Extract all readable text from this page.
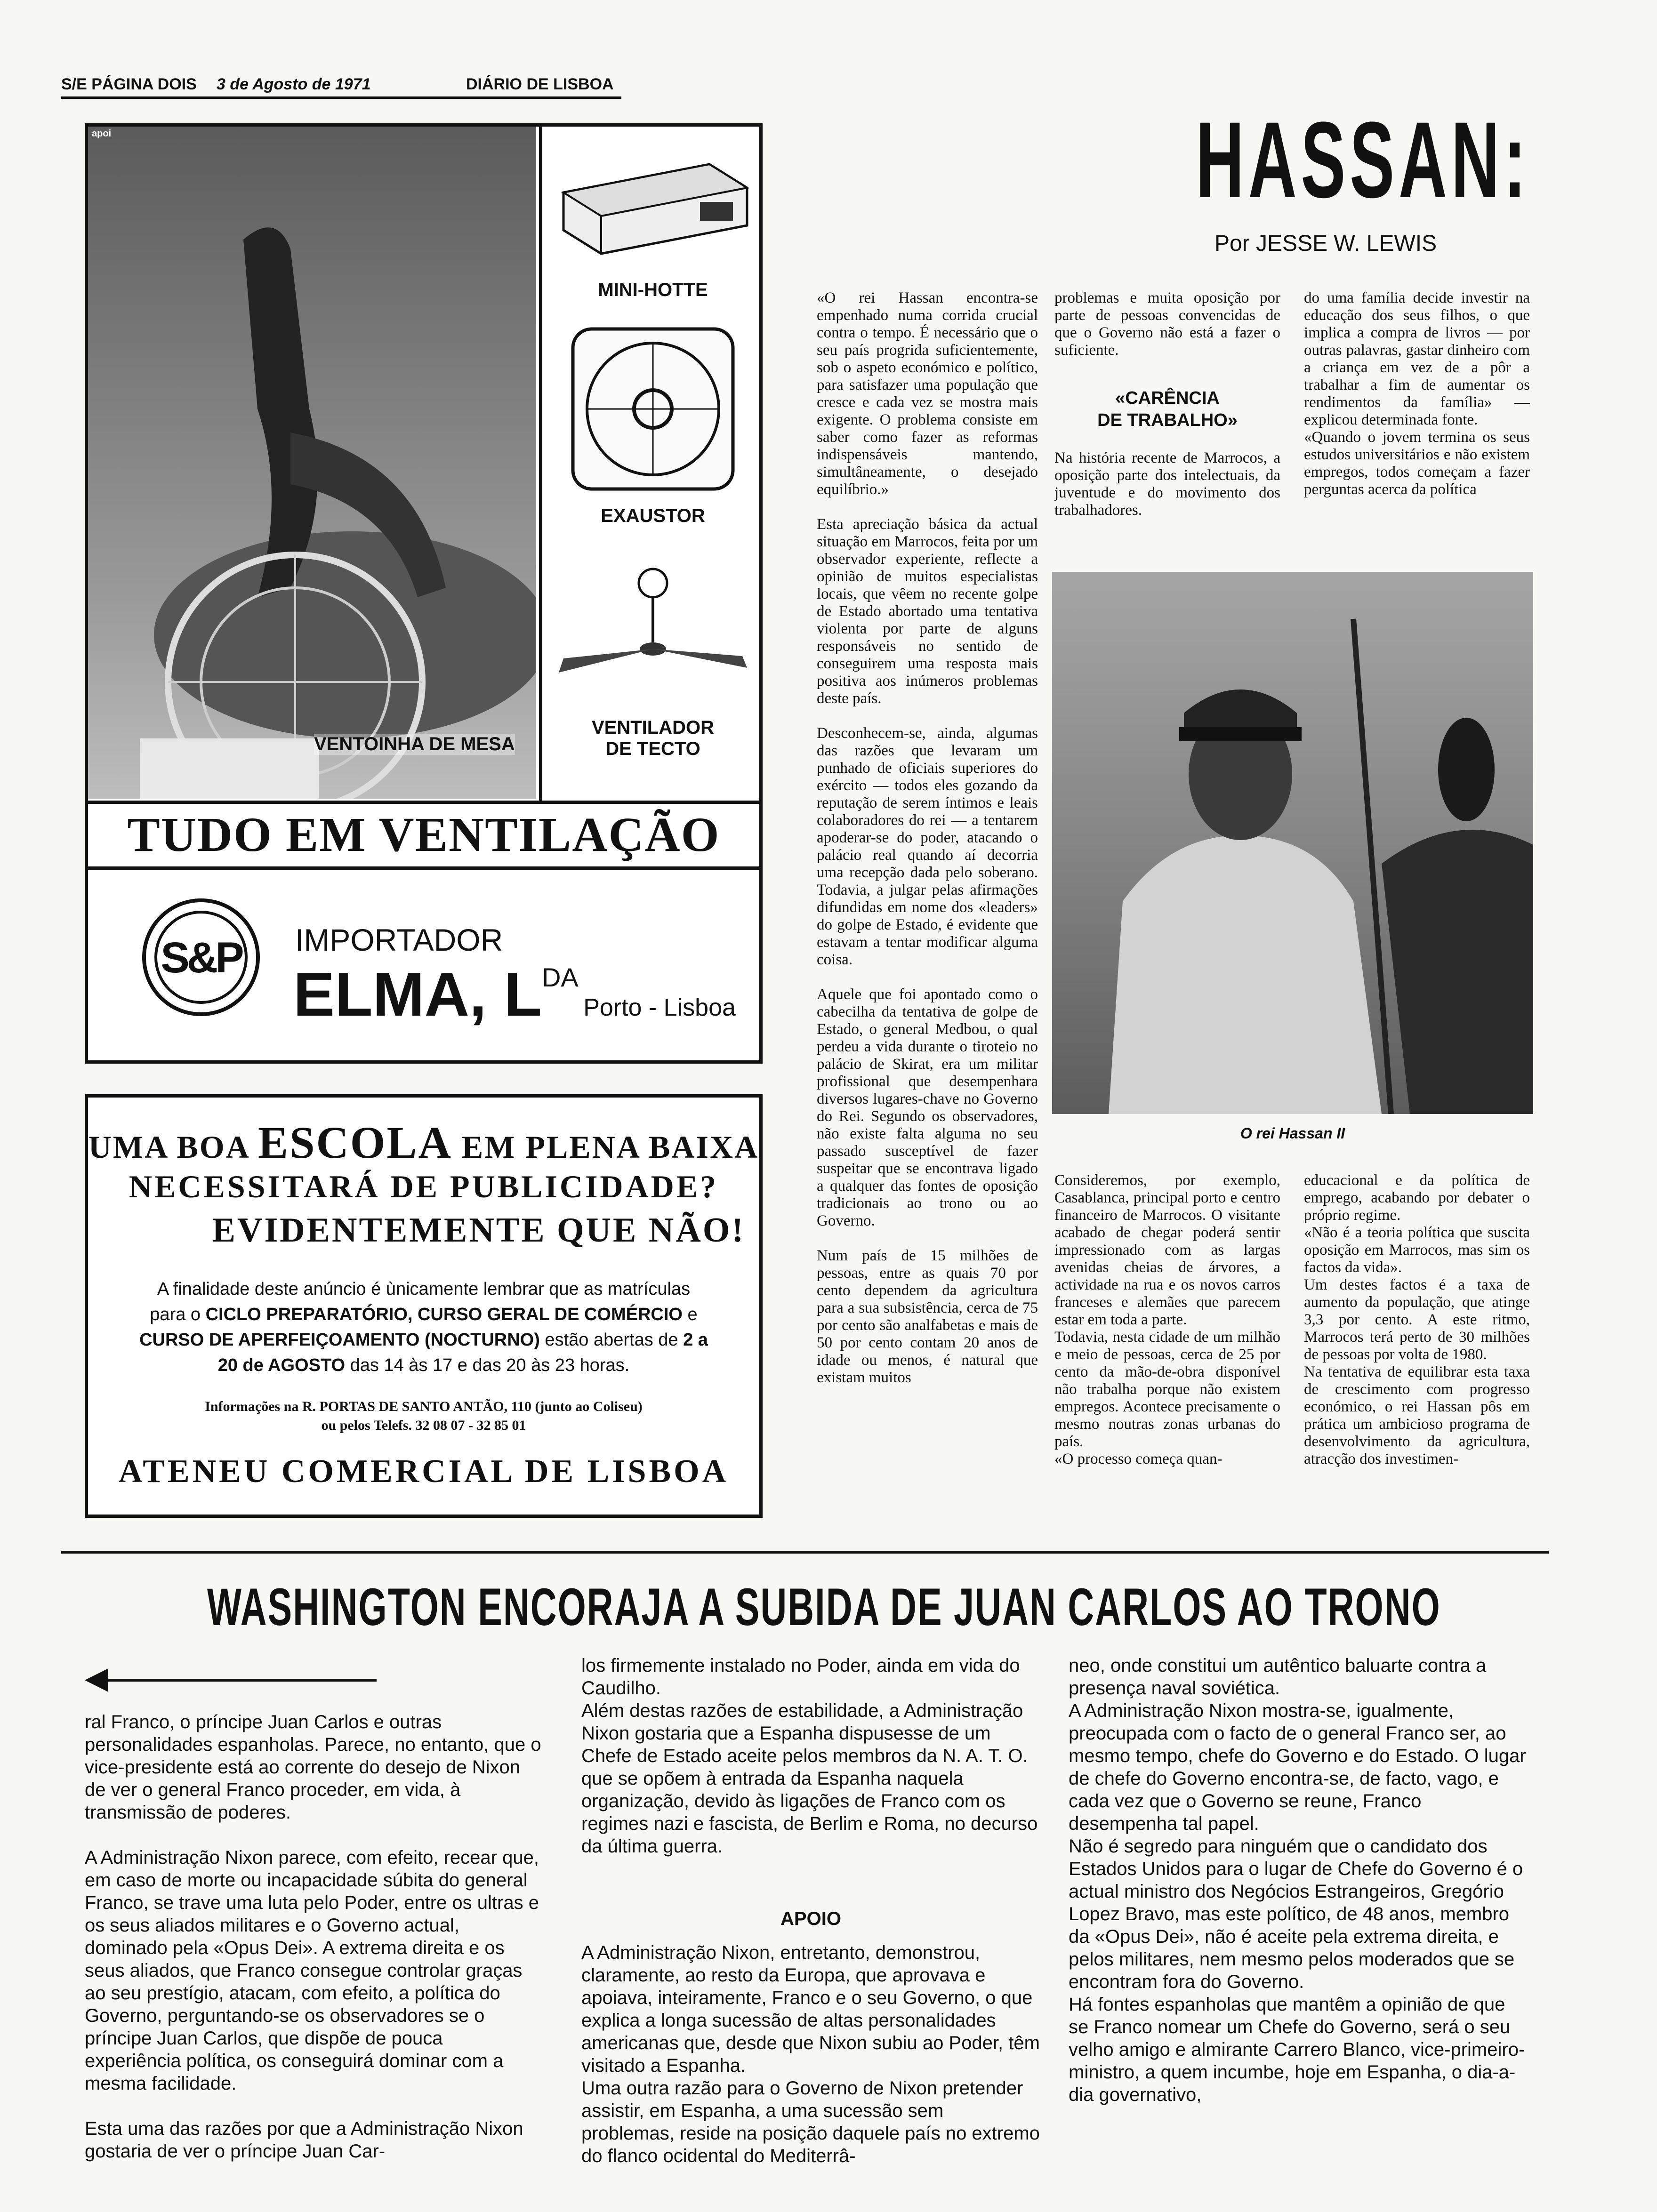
S/E PÁGINA DOIS 3 de Agosto de 1971	DIÁRIO DE LISBOA
apoi
VENTOINHA DE MESA
MINI-HOTTE
EXAUSTOR
VENTILADOR
DE TECTO
TUDO EM VENTILAÇÃO
S&P	IMPORTADOR
ELMA, LDA Porto - Lisboa
UMA BOA ESCOLA EM PLENA BAIXA
NECESSITARÁ DE PUBLICIDADE?
EVIDENTEMENTE QUE NÃO!
A finalidade deste anúncio é ùnicamente lembrar que as matrículas
para o CICLO PREPARATÓRIO, CURSO GERAL DE COMÉRCIO e
CURSO DE APERFEIÇOAMENTO (NOCTURNO) estão abertas de 2 a
20 de AGOSTO das 14 às 17 e das 20 às 23 horas.
Informações na R. PORTAS DE SANTO ANTÃO, 110 (junto ao Coliseu)
ou pelos Telefs. 32 08 07 - 32 85 01
ATENEU COMERCIAL DE LISBOA
HASSAN:
Por JESSE W. LEWIS
«O rei Hassan encontra-se empenhado numa corrida crucial contra o tempo. É necessário que o seu país progrida suficientemente, sob o aspeto económico e político, para satisfazer uma população que cresce e cada vez se mostra mais exigente. O problema consiste em saber como fazer as reformas indispensáveis mantendo, simultâneamente, o desejado equilíbrio.»

Esta apreciação básica da actual situação em Marrocos, feita por um observador experiente, reflecte a opinião de muitos especialistas locais, que vêem no recente golpe de Estado abortado uma tentativa violenta por parte de alguns responsáveis no sentido de conseguirem uma resposta mais positiva aos inúmeros problemas deste país.

Desconhecem-se, ainda, algumas das razões que levaram um punhado de oficiais superiores do exército — todos eles gozando da reputação de serem íntimos e leais colaboradores do rei — a tentarem apoderar-se do poder, atacando o palácio real quando aí decorria uma recepção dada pelo soberano. Todavia, a julgar pelas afirmações difundidas em nome dos «leaders» do golpe de Estado, é evidente que estavam a tentar modificar alguma coisa.

Aquele que foi apontado como o cabecilha da tentativa de golpe de Estado, o general Medbou, o qual perdeu a vida durante o tiroteio no palácio de Skirat, era um militar profissional que desempenhara diversos lugares-chave no Governo do Rei. Segundo os observadores, não existe falta alguma no seu passado susceptível de fazer suspeitar que se encontrava ligado a qualquer das fontes de oposição tradicionais ao trono ou ao Governo.

Num país de 15 milhões de pessoas, entre as quais 70 por cento dependem da agricultura para a sua subsistência, cerca de 75 por cento são analfabetas e mais de 50 por cento contam 20 anos de idade ou menos, é natural que existam muitos
problemas e muita oposição por parte de pessoas convencidas de que o Governo não está a fazer o suficiente.
«CARÊNCIA
DE TRABALHO»
Na história recente de Marrocos, a oposição parte dos intelectuais, da juventude e do movimento dos trabalhadores.
do uma família decide investir na educação dos seus filhos, o que implica a compra de livros — por outras palavras, gastar dinheiro com a criança em vez de a pôr a trabalhar a fim de aumentar os rendimentos da família» — explicou determinada fonte.
«Quando o jovem termina os seus estudos universitários e não existem empregos, todos começam a fazer perguntas acerca da política
O rei Hassan II
Consideremos, por exemplo, Casablanca, principal porto e centro financeiro de Marrocos. O visitante acabado de chegar poderá sentir impressionado com as largas avenidas cheias de árvores, a actividade na rua e os novos carros franceses e alemães que parecem estar em toda a parte.
Todavia, nesta cidade de um milhão e meio de pessoas, cerca de 25 por cento da mão-de-obra disponível não trabalha porque não existem empregos. Acontece precisamente o mesmo noutras zonas urbanas do país.
«O processo começa quan-
educacional e da política de emprego, acabando por debater o próprio regime.
«Não é a teoria política que suscita oposição em Marrocos, mas sim os factos da vida».
Um destes factos é a taxa de aumento da população, que atinge 3,3 por cento. A este ritmo, Marrocos terá perto de 30 milhões de pessoas por volta de 1980.
Na tentativa de equilibrar esta taxa de crescimento com progresso económico, o rei Hassan pôs em prática um ambicioso programa de desenvolvimento da agricultura, atracção dos investimen-
WASHINGTON ENCORAJA A SUBIDA DE JUAN CARLOS AO TRONO
ral Franco, o príncipe Juan Carlos e outras personalidades espanholas. Parece, no entanto, que o vice-presidente está ao corrente do desejo de Nixon de ver o general Franco proceder, em vida, à transmissão de poderes.

A Administração Nixon parece, com efeito, recear que, em caso de morte ou incapacidade súbita do general Franco, se trave uma luta pelo Poder, entre os ultras e os seus aliados militares e o Governo actual, dominado pela «Opus Dei». A extrema direita e os seus aliados, que Franco consegue controlar graças ao seu prestígio, atacam, com efeito, a política do Governo, perguntando-se os observadores se o príncipe Juan Carlos, que dispõe de pouca experiência política, os conseguirá dominar com a mesma facilidade.

Esta uma das razões por que a Administração Nixon gostaria de ver o príncipe Juan Car-
los firmemente instalado no Poder, ainda em vida do Caudilho.
Além destas razões de estabilidade, a Administração Nixon gostaria que a Espanha dispusesse de um Chefe de Estado aceite pelos membros da N. A. T. O. que se opõem à entrada da Espanha naquela organização, devido às ligações de Franco com os regimes nazi e fascista, de Berlim e Roma, no decurso da última guerra.
APOIO
A Administração Nixon, entretanto, demonstrou, claramente, ao resto da Europa, que aprovava e apoiava, inteiramente, Franco e o seu Governo, o que explica a longa sucessão de altas personalidades americanas que, desde que Nixon subiu ao Poder, têm visitado a Espanha.
Uma outra razão para o Governo de Nixon pretender assistir, em Espanha, a uma sucessão sem problemas, reside na posição daquele país no extremo do flanco ocidental do Mediterrâ-
neo, onde constitui um autêntico baluarte contra a presença naval soviética.
A Administração Nixon mostra-se, igualmente, preocupada com o facto de o general Franco ser, ao mesmo tempo, chefe do Governo e do Estado. O lugar de chefe do Governo encontra-se, de facto, vago, e cada vez que o Governo se reune, Franco desempenha tal papel.
Não é segredo para ninguém que o candidato dos Estados Unidos para o lugar de Chefe do Governo é o actual ministro dos Negócios Estrangeiros, Gregório Lopez Bravo, mas este político, de 48 anos, membro da «Opus Dei», não é aceite pela extrema direita, e pelos militares, nem mesmo pelos moderados que se encontram fora do Governo.
Há fontes espanholas que mantêm a opinião de que se Franco nomear um Chefe do Governo, será o seu velho amigo e almirante Carrero Blanco, vice-primeiro-ministro, a quem incumbe, hoje em Espanha, o dia-a-dia governativo,
